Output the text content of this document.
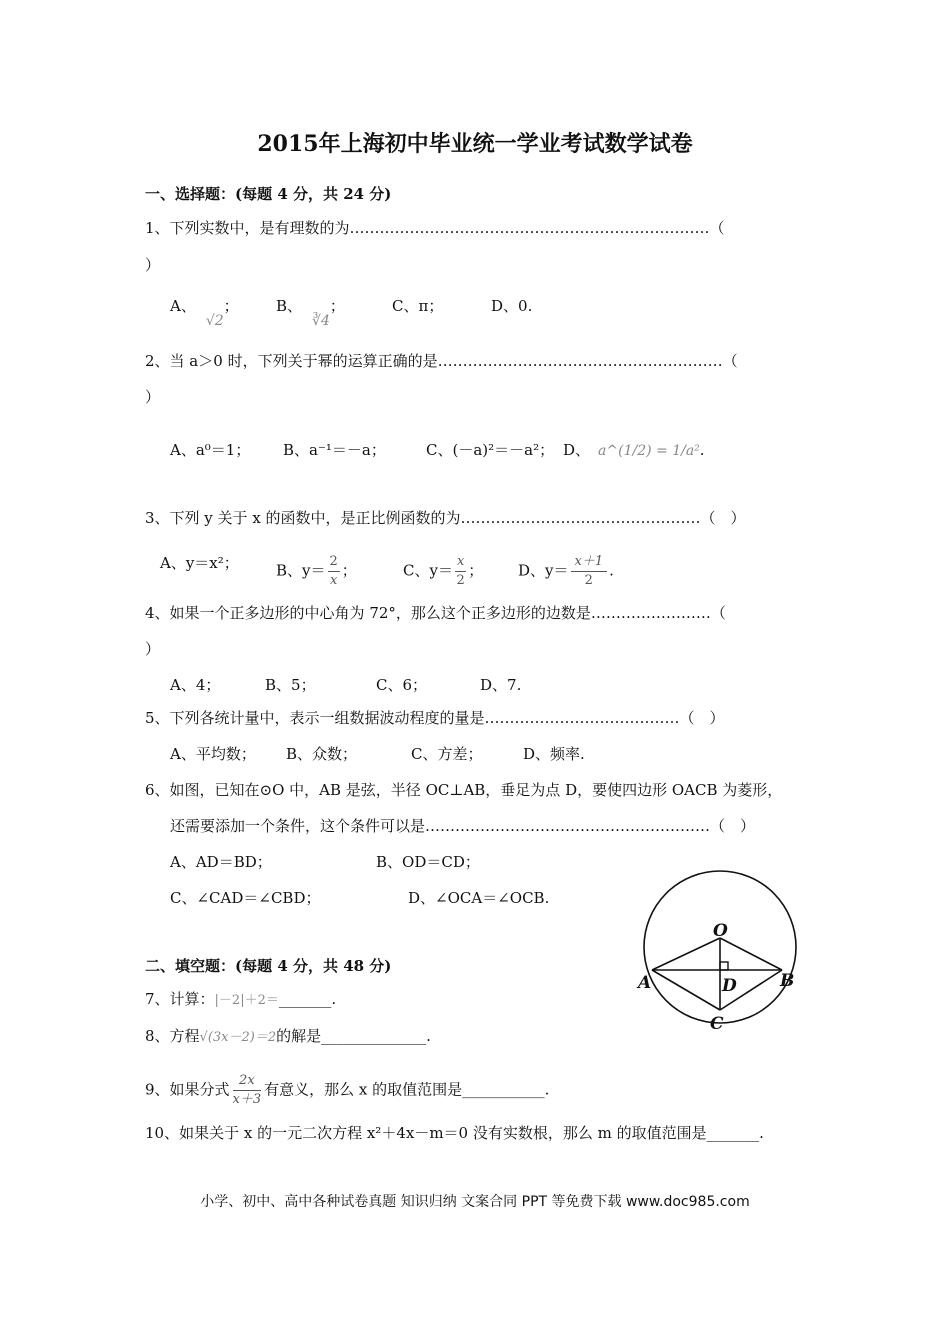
2015年上海初中毕业统一学业考试数学试卷
一、选择题：(每题 4 分，共 24 分)
1、下列实数中，是有理数的为………………………………………………………………（
）
A、√2； B、∛4；	C、π；	D、0.
2、当 a＞0 时，下列关于幂的运算正确的是…………………………………………………（
）
A、a⁰＝1； B、a⁻¹＝－a；	C、(－a)²＝－a²； D、 a^(1/2) = 1/a².
3、下列 y 关于 x 的函数中，是正比例函数的为…………………………………………（　）
A、y＝x²； B、$y= \frac{2}{x}$ ；	C、$y= \frac{x}{2}$ ； D、$y= \frac{x+1}{2}$ .
4、如果一个正多边形的中心角为 72°，那么这个正多边形的边数是……………………（
）
A、4；	B、5；	C、6；	D、7.
5、下列各统计量中，表示一组数据波动程度的量是…………………………………（　）
A、平均数； B、众数；	C、方差；	D、频率.
6、如图，已知在⊙O 中，AB 是弦，半径 OC⊥AB，垂足为点 D，要使四边形 OACB 为菱形，
还需要添加一个条件，这个条件可以是…………………………………………………（　）
A、AD＝BD；	B、OD＝CD；
C、∠CAD＝∠CBD；	D、∠OCA＝∠OCB.
O
A	B
C
D
二、填空题：(每题 4 分，共 48 分)
7、计算：|－2|＋2＝_______.
8、方程√(3x－2)＝2的解是______________.
9、如果分式 $\frac{2x}{x+3}$ 有意义，那么 x 的取值范围是___________.
10、如果关于 x 的一元二次方程 x²＋4x－m＝0 没有实数根，那么 m 的取值范围是_______.
小学、初中、高中各种试卷真题 知识归纳 文案合同 PPT 等免费下载 www.doc985.com
